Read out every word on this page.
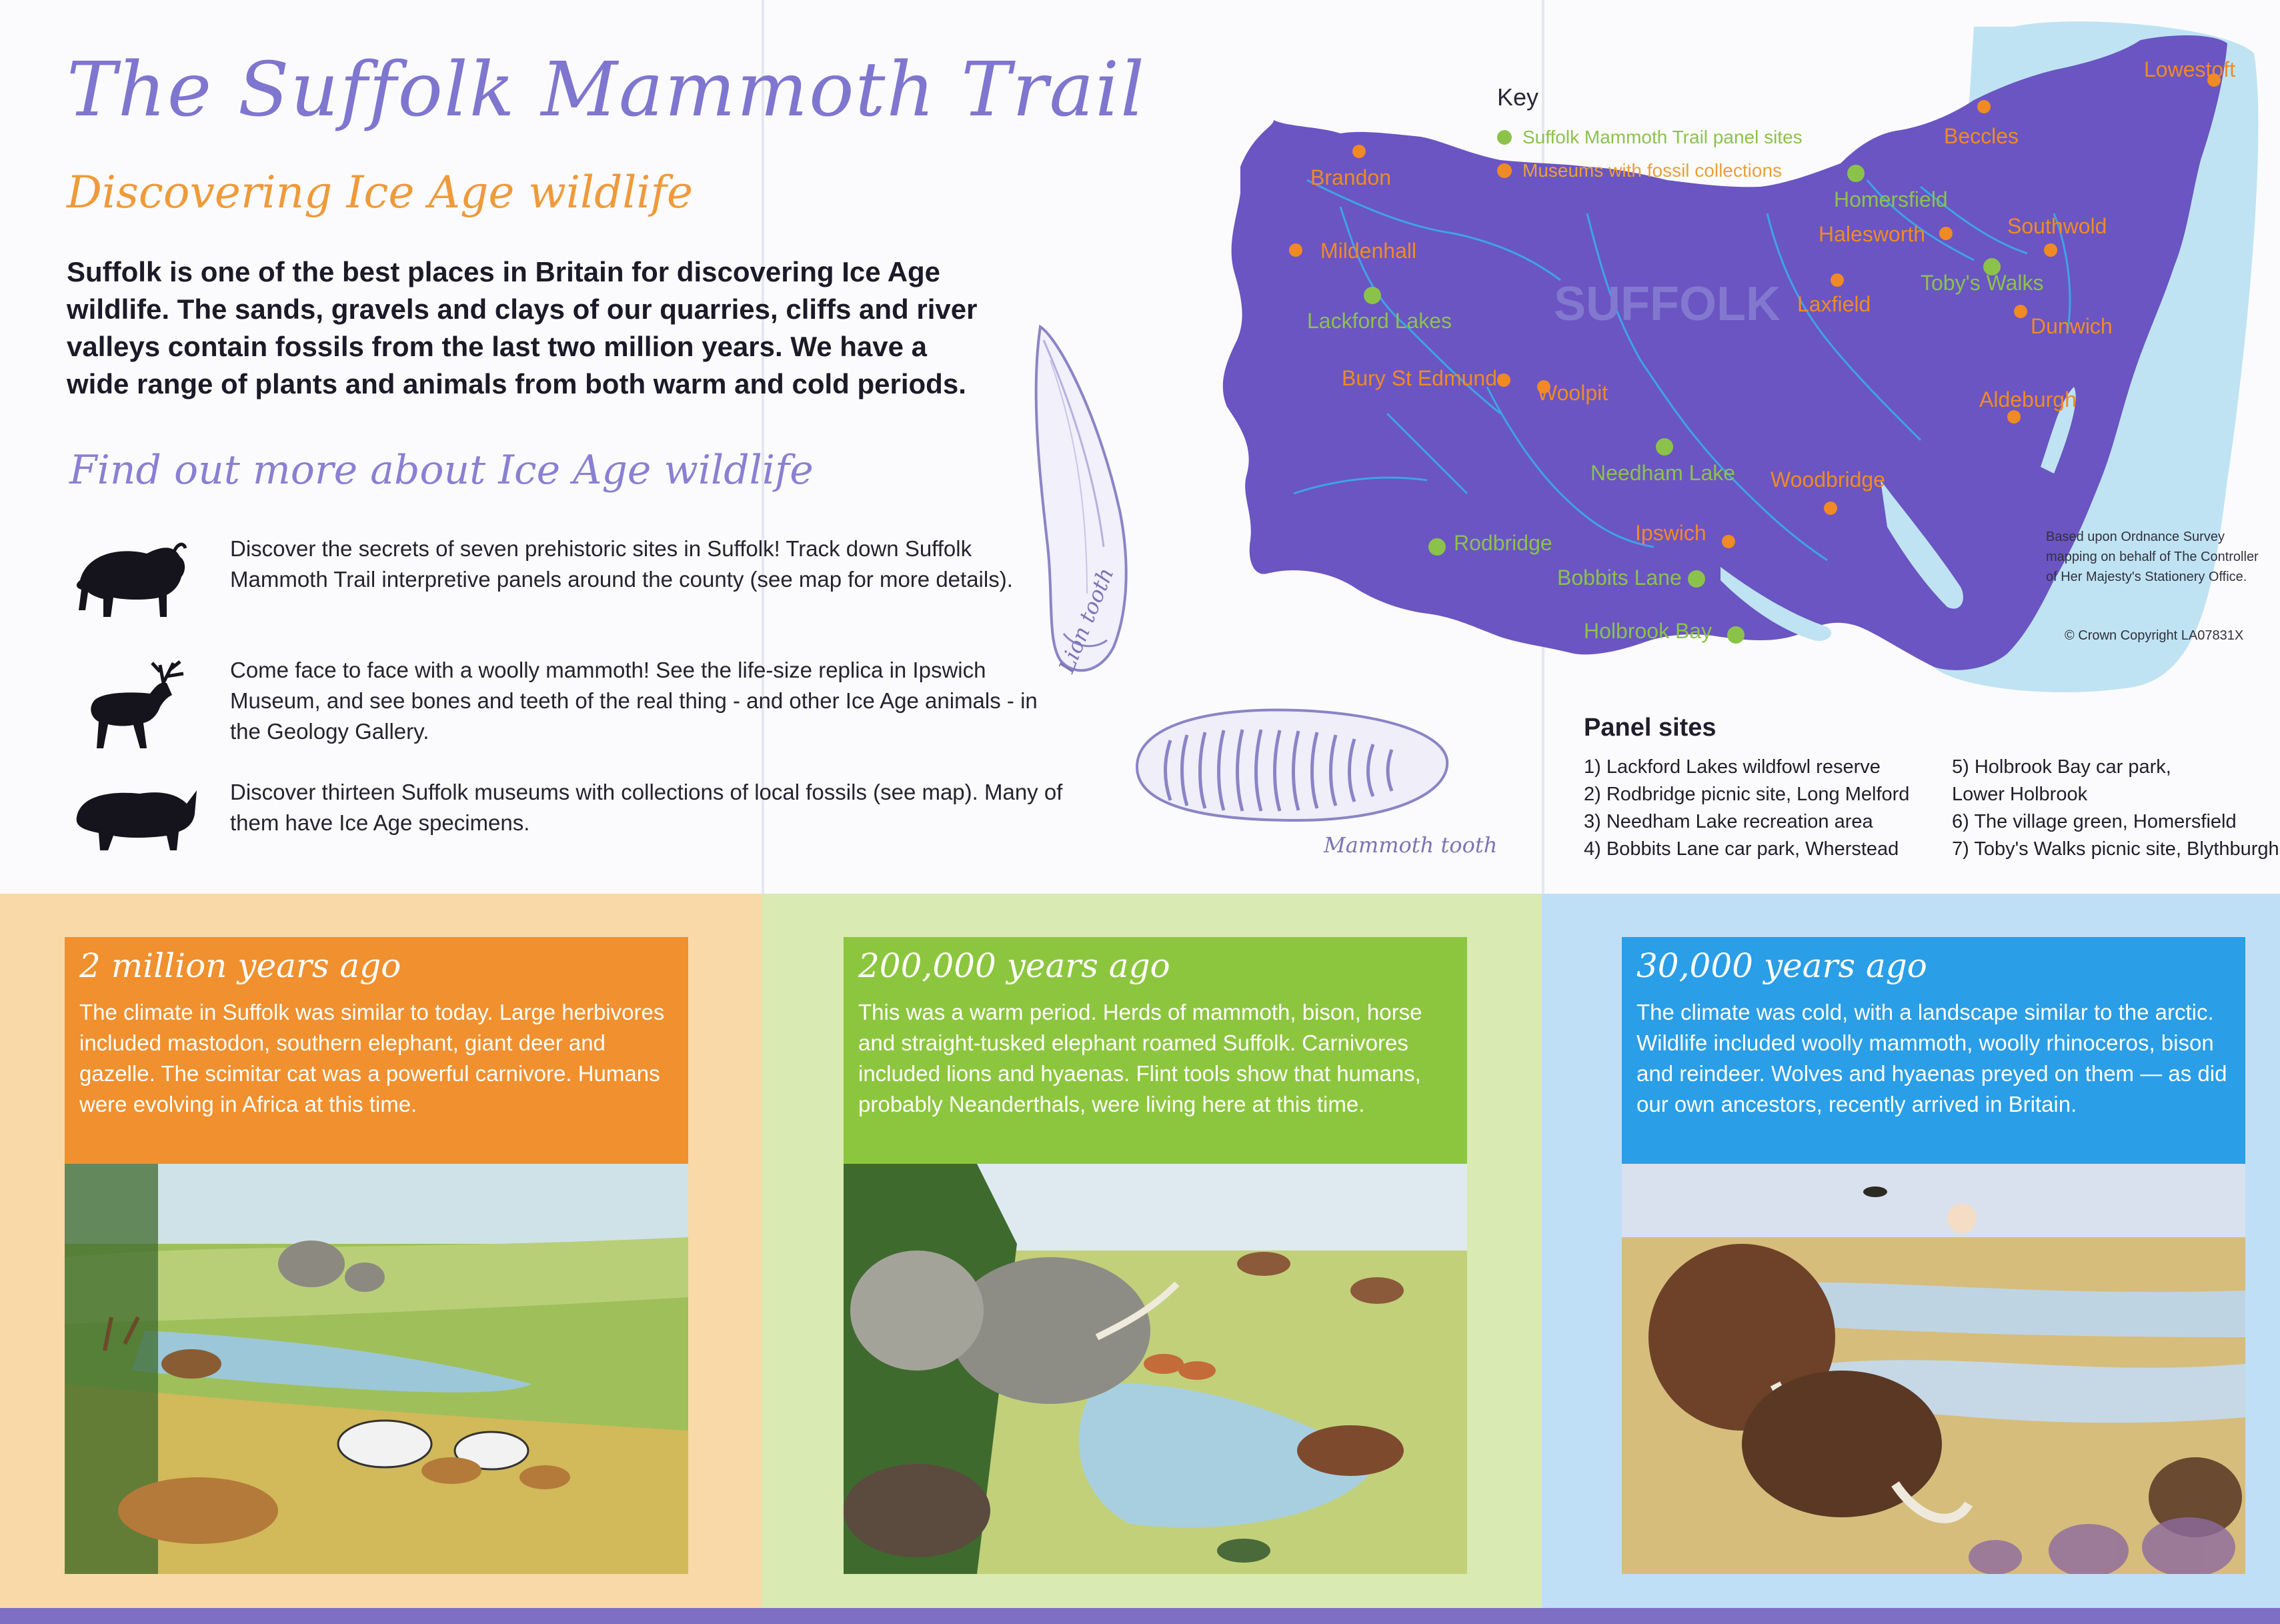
The Suffolk Mammoth Trail
Discovering Ice Age wildlife
Suffolk is one of the best places in Britain for discovering Ice Age wildlife. The sands, gravels and clays of our quarries, cliffs and river valleys contain fossils from the last two million years. We have a wide range of plants and animals from both warm and cold periods.
Find out more about Ice Age wildlife

Discover the secrets of seven prehistoric sites in Suffolk! Track down Suffolk Mammoth Trail interpretive panels around the county (see map for more details).

Come face to face with a woolly mammoth! See the life-size replica in Ipswich Museum, and see bones and teeth of the real thing - and other Ice Age animals - in the Geology Gallery.

Discover thirteen Suffolk museums with collections of local fossils (see map). Many of them have Ice Age specimens.

Lion tooth
Mammoth tooth
SUFFOLK
Lowestoft
Beccles
Brandon
Homersfield
Halesworth	Southwold
Mildenhall
Toby's Walks
Laxfield
Dunwich
Lackford Lakes
Bury St Edmunds
Woolpit	Aldeburgh
Needham Lake Woodbridge
Rodbridge	Ipswich
Bobbits Lane
Holbrook Bay
Key
Suffolk Mammoth Trail panel sites
Museums with fossil collections
Based upon Ordnance Survey mapping on behalf of The Controller of Her Majesty's Stationery Office.
© Crown Copyright LA07831X
Panel sites
1) Lackford Lakes wildfowl reserve
2) Rodbridge picnic site, Long Melford
3) Needham Lake recreation area
4) Bobbits Lane car park, Wherstead
5) Holbrook Bay car park,
Lower Holbrook
6) The village green, Homersfield
7) Toby's Walks picnic site, Blythburgh
2 million years ago

The climate in Suffolk was similar to today. Large herbivores included mastodon, southern elephant, giant deer and gazelle. The scimitar cat was a powerful carnivore. Humans were evolving in Africa at this time.

200,000 years ago

This was a warm period. Herds of mammoth, bison, horse and straight-tusked elephant roamed Suffolk. Carnivores included lions and hyaenas. Flint tools show that humans, probably Neanderthals, were living here at this time.

30,000 years ago

The climate was cold, with a landscape similar to the arctic. Wildlife included woolly mammoth, woolly rhinoceros, bison and reindeer. Wolves and hyaenas preyed on them — as did our own ancestors, recently arrived in Britain.
